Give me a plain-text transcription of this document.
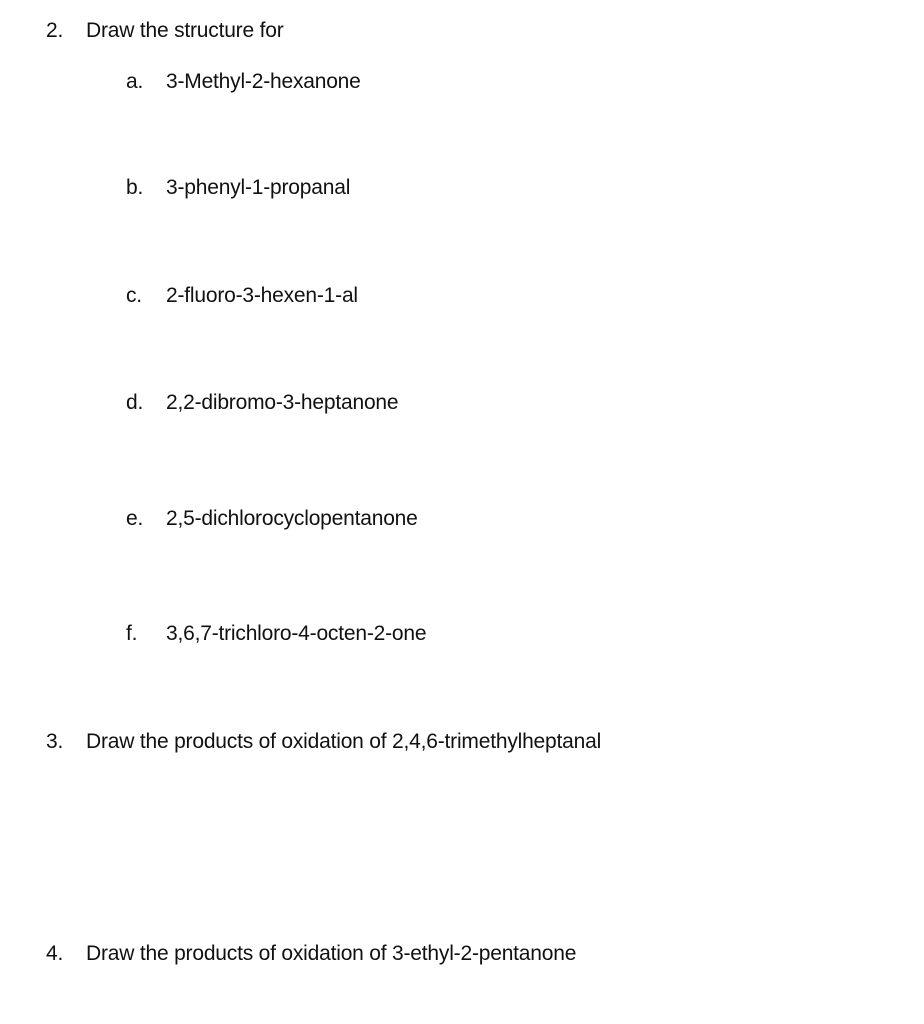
2. Draw the structure for
a. 3-Methyl-2-hexanone
b. 3-phenyl-1-propanal
c. 2-fluoro-3-hexen-1-al
d. 2,2-dibromo-3-heptanone
e. 2,5-dichlorocyclopentanone
f. 3,6,7-trichloro-4-octen-2-one
3. Draw the products of oxidation of 2,4,6-trimethylheptanal
4. Draw the products of oxidation of 3-ethyl-2-pentanone
